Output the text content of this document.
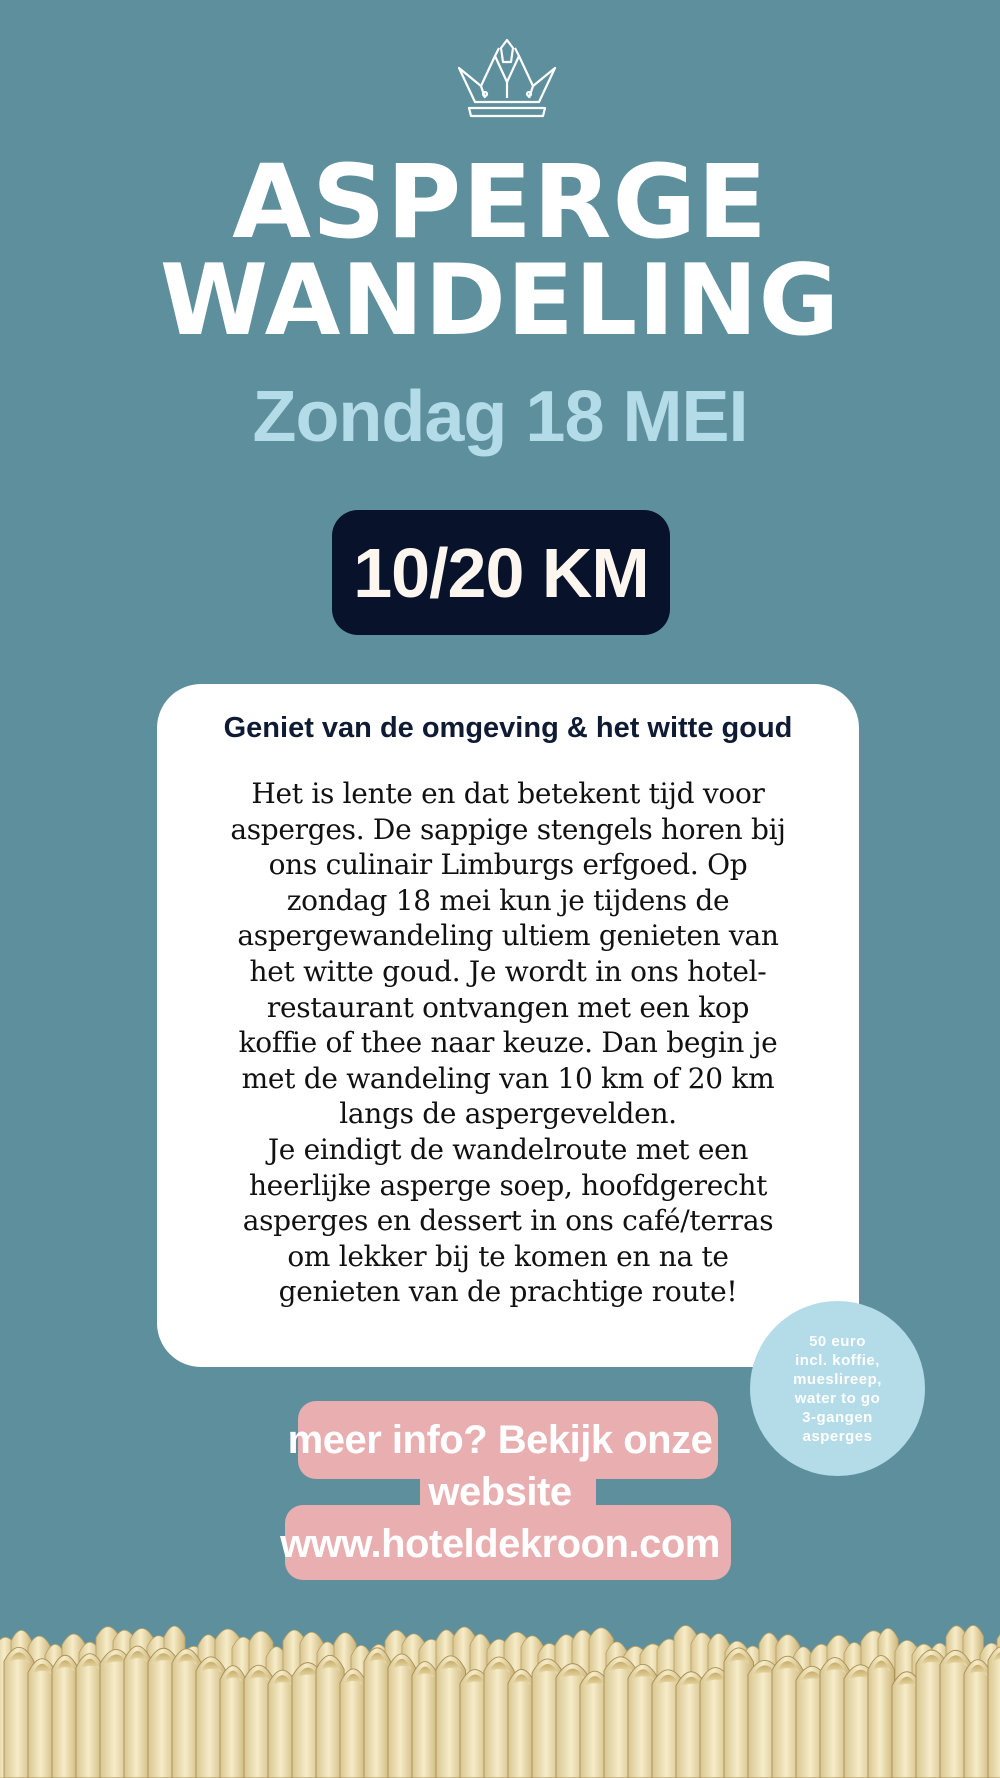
ASPERGE
WANDELING
Zondag 18 MEI
10/20 KM
Geniet van de omgeving & het witte goud
Het is lente en dat betekent tijd voor
asperges. De sappige stengels horen bij
ons culinair Limburgs erfgoed. Op
zondag 18 mei kun je tijdens de
aspergewandeling ultiem genieten van
het witte goud. Je wordt in ons hotel-
restaurant ontvangen met een kop
koffie of thee naar keuze. Dan begin je
met de wandeling van 10 km of 20 km
langs de aspergevelden.
Je eindigt de wandelroute met een
heerlijke asperge soep, hoofdgerecht
asperges en dessert in ons café/terras
om lekker bij te komen en na te
genieten van de prachtige route!
50 euro
incl. koffie,
mueslireep,
water to go
3-gangen
asperges
meer info? Bekijk onze
website
www.hoteldekroon.com
